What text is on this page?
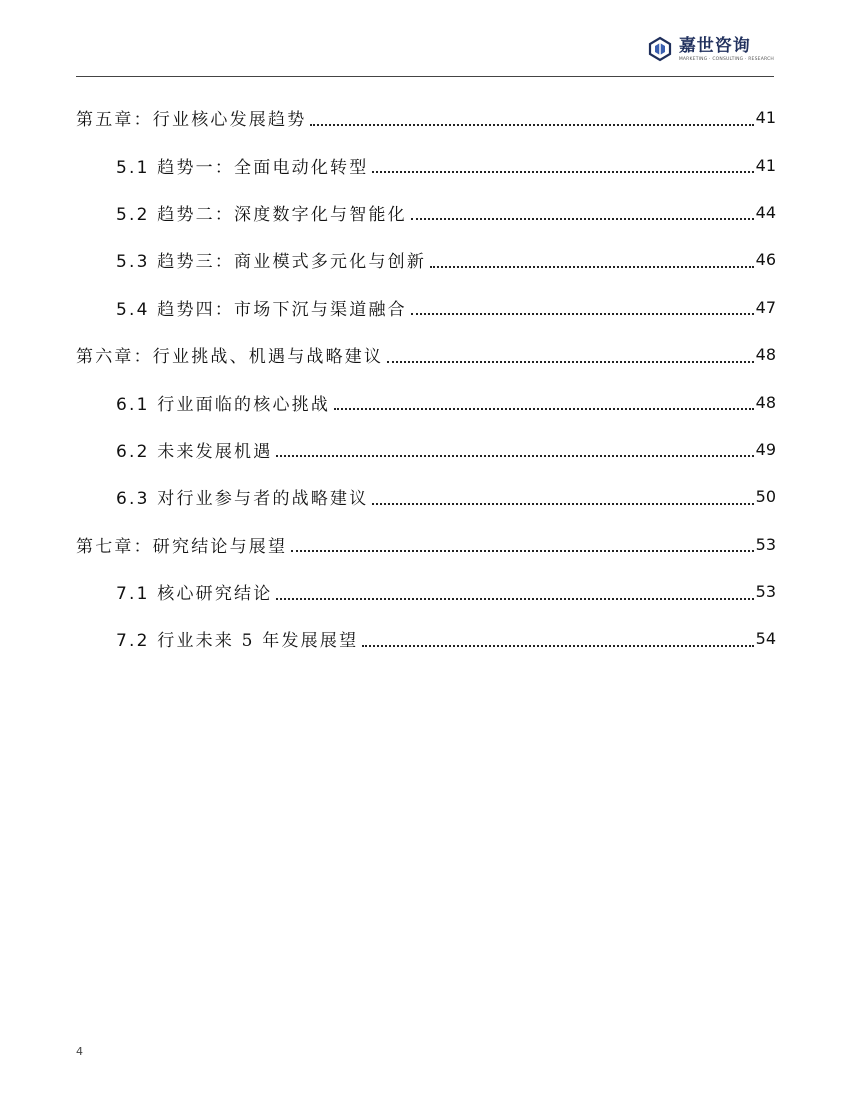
嘉世咨询
MARKETING · CONSULTING · RESEARCH
第五章：行业核心发展趋势	41
5.1 趋势一：全面电动化转型	41
5.2 趋势二：深度数字化与智能化	44
5.3 趋势三：商业模式多元化与创新	46
5.4 趋势四：市场下沉与渠道融合	47
第六章：行业挑战、机遇与战略建议	48
6.1 行业面临的核心挑战	48
6.2 未来发展机遇	49
6.3 对行业参与者的战略建议	50
第七章：研究结论与展望	53
7.1 核心研究结论	53
7.2 行业未来 5 年发展展望	54
4
